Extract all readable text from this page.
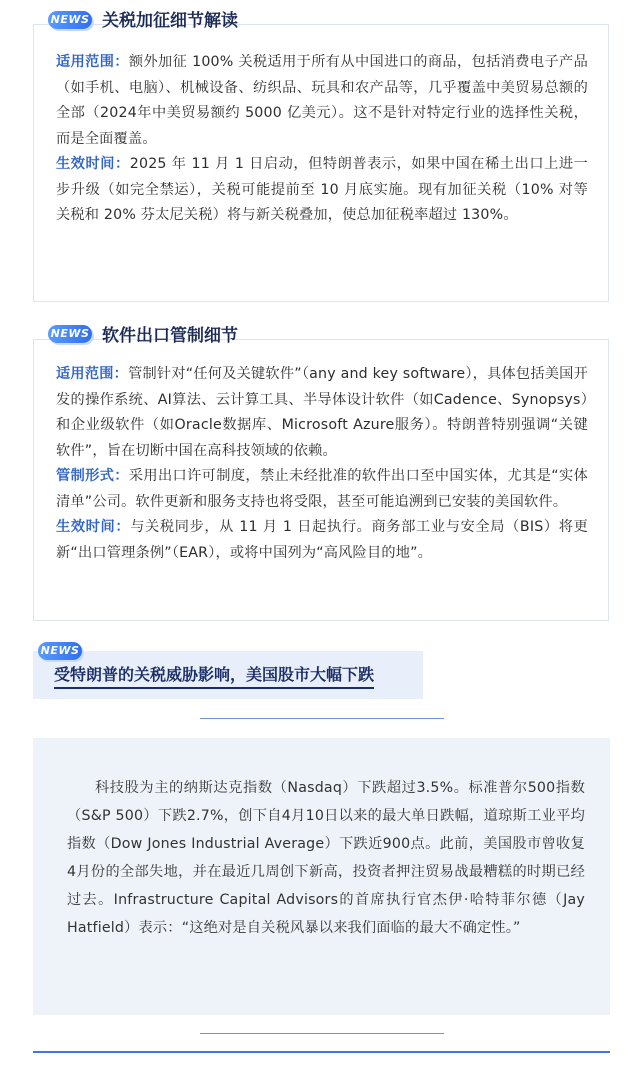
NEWS 关税加征细节解读

适用范围：额外加征 100% 关税适用于所有从中国进口的商品，包括消费电子产品（如手机、电脑）、机械设备、纺织品、玩具和农产品等，几乎覆盖中美贸易总额的全部（2024年中美贸易额约 5000 亿美元）。这不是针对特定行业的选择性关税，而是全面覆盖。

生效时间：2025 年 11 月 1 日启动，但特朗普表示，如果中国在稀土出口上进一步升级（如完全禁运），关税可能提前至 10 月底实施。现有加征关税（10% 对等关税和 20% 芬太尼关税）将与新关税叠加，使总加征税率超过 130%。

NEWS 软件出口管制细节

适用范围：管制针对“任何及关键软件”（any and key software），具体包括美国开发的操作系统、AI算法、云计算工具、半导体设计软件（如Cadence、Synopsys）和企业级软件（如Oracle数据库、Microsoft Azure服务）。特朗普特别强调“关键软件”，旨在切断中国在高科技领域的依赖。

管制形式：采用出口许可制度，禁止未经批准的软件出口至中国实体，尤其是“实体清单”公司。软件更新和服务支持也将受限，甚至可能追溯到已安装的美国软件。

生效时间：与关税同步，从 11 月 1 日起执行。商务部工业与安全局（BIS）将更新“出口管理条例”（EAR），或将中国列为“高风险目的地”。

NEWS
受特朗普的关税威胁影响，美国股市大幅下跌

科技股为主的纳斯达克指数（Nasdaq）下跌超过3.5%。标准普尔500指数（S&P 500）下跌2.7%，创下自4月10日以来的最大单日跌幅，道琼斯工业平均指数（Dow Jones Industrial Average）下跌近900点。此前，美国股市曾收复4月份的全部失地，并在最近几周创下新高，投资者押注贸易战最糟糕的时期已经过去。Infrastructure Capital Advisors的首席执行官杰伊·哈特菲尔德（Jay Hatfield）表示：“这绝对是自关税风暴以来我们面临的最大不确定性。”
